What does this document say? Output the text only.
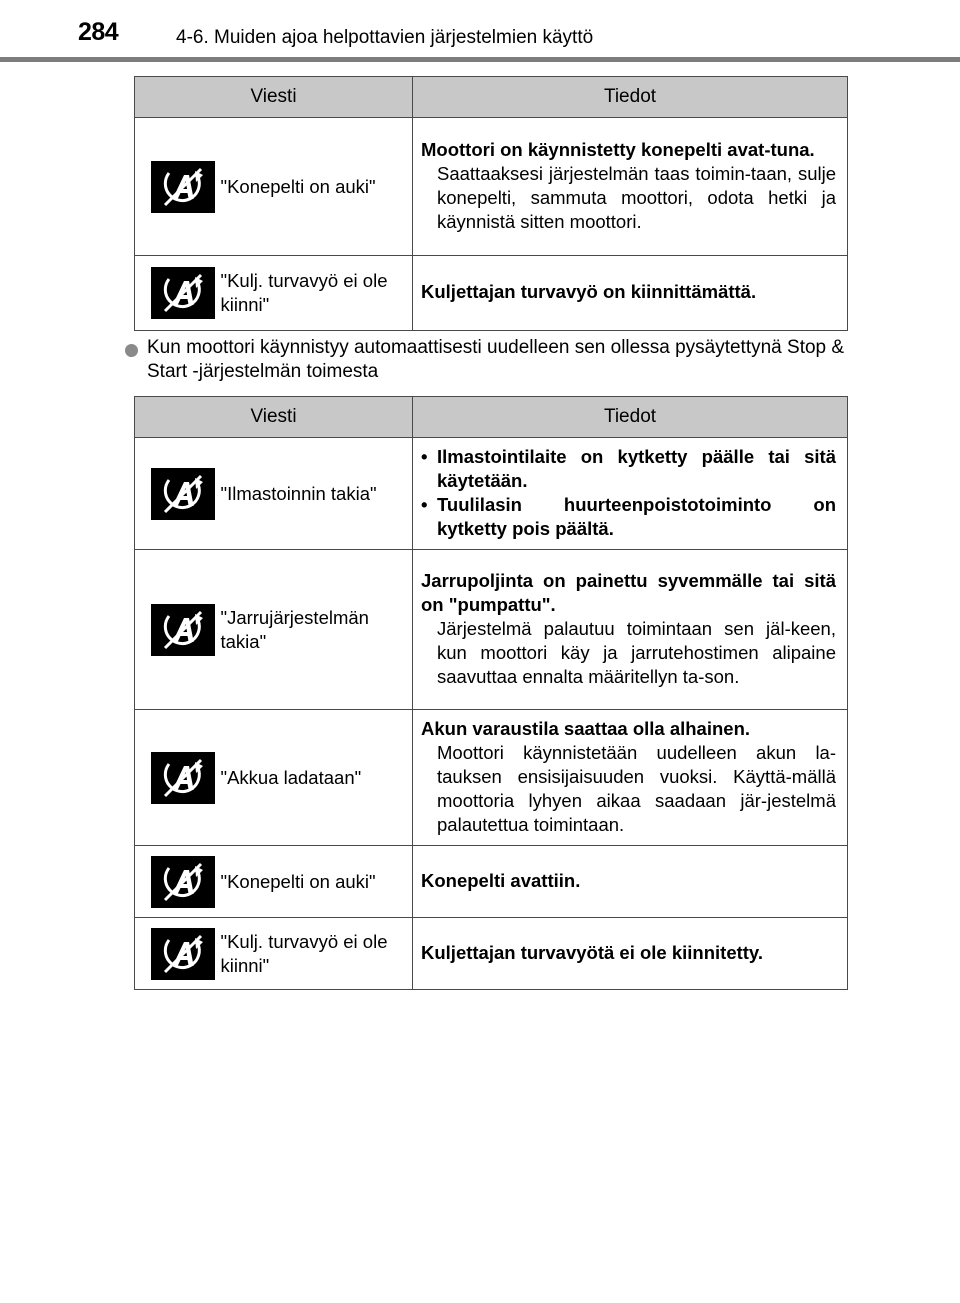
284	4-6. Muiden ajoa helpottavien järjestelmien käyttö
Viesti		Tiedot

	"Konepelti on auki"	Moottori on käynnistetty konepelti avat-tuna.
Saattaaksesi järjestelmän taas toimin-taan, sulje konepelti, sammuta moottori, odota hetki ja käynnistä sitten moottori.

	"Kulj. turvavyö ei ole kiinni"	Kuljettajan turvavyö on kiinnittämättä.
Kun moottori käynnistyy automaattisesti uudelleen sen ollessa pysäytettynä Stop & Start -järjestelmän toimesta
Viesti		Tiedot

	"Ilmastoinnin takia"	• Ilmastointilaite on kytketty päälle tai sitä käytetään.
• Tuulilasin huurteenpoistotoiminto on kytketty pois päältä.

	"Jarrujärjestelmän takia"	Jarrupoljinta on painettu syvemmälle tai sitä on "pumpattu".
Järjestelmä palautuu toimintaan sen jäl-keen, kun moottori käy ja jarrutehostimen alipaine saavuttaa ennalta määritellyn ta-son.

	"Akkua ladataan"	Akun varaustila saattaa olla alhainen.
Moottori käynnistetään uudelleen akun la-tauksen ensisijaisuuden vuoksi. Käyttä-mällä moottoria lyhyen aikaa saadaan jär-jestelmä palautettua toimintaan.

	"Konepelti on auki"	Konepelti avattiin.

	"Kulj. turvavyö ei ole kiinni"	Kuljettajan turvavyötä ei ole kiinnitetty.
